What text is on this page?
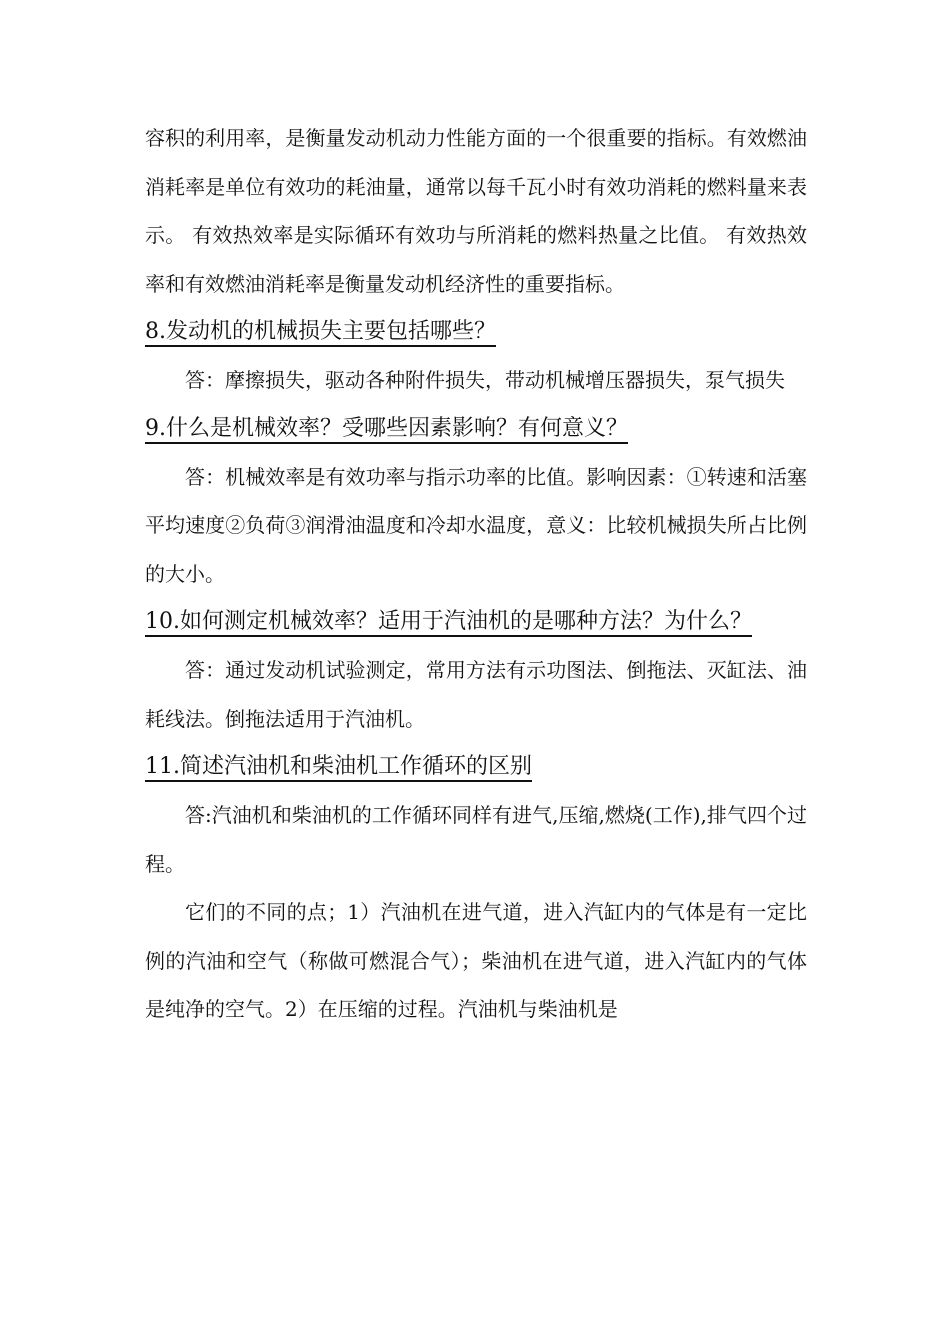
容积的利用率，是衡量发动机动力性能方面的一个很重要的指标。有效燃油消耗率是单位有效功的耗油量，通常以每千瓦小时有效功消耗的燃料量来表示。 有效热效率是实际循环有效功与所消耗的燃料热量之比值。 有效热效率和有效燃油消耗率是衡量发动机经济性的重要指标。

8.发动机的机械损失主要包括哪些？

答：摩擦损失，驱动各种附件损失，带动机械增压器损失，泵气损失

9.什么是机械效率？受哪些因素影响？有何意义？

答：机械效率是有效功率与指示功率的比值。影响因素：①转速和活塞平均速度②负荷③润滑油温度和冷却水温度，意义：比较机械损失所占比例的大小。

10.如何测定机械效率？适用于汽油机的是哪种方法？为什么？

答：通过发动机试验测定，常用方法有示功图法、倒拖法、灭缸法、油耗线法。倒拖法适用于汽油机。

11.简述汽油机和柴油机工作循环的区别

答:汽油机和柴油机的工作循环同样有进气,压缩,燃烧(工作),排气四个过程。

它们的不同的点；1）汽油机在进气道，进入汽缸内的气体是有一定比例的汽油和空气（称做可燃混合气）；柴油机在进气道，进入汽缸内的气体是纯净的空气。2）在压缩的过程。汽油机与柴油机是
